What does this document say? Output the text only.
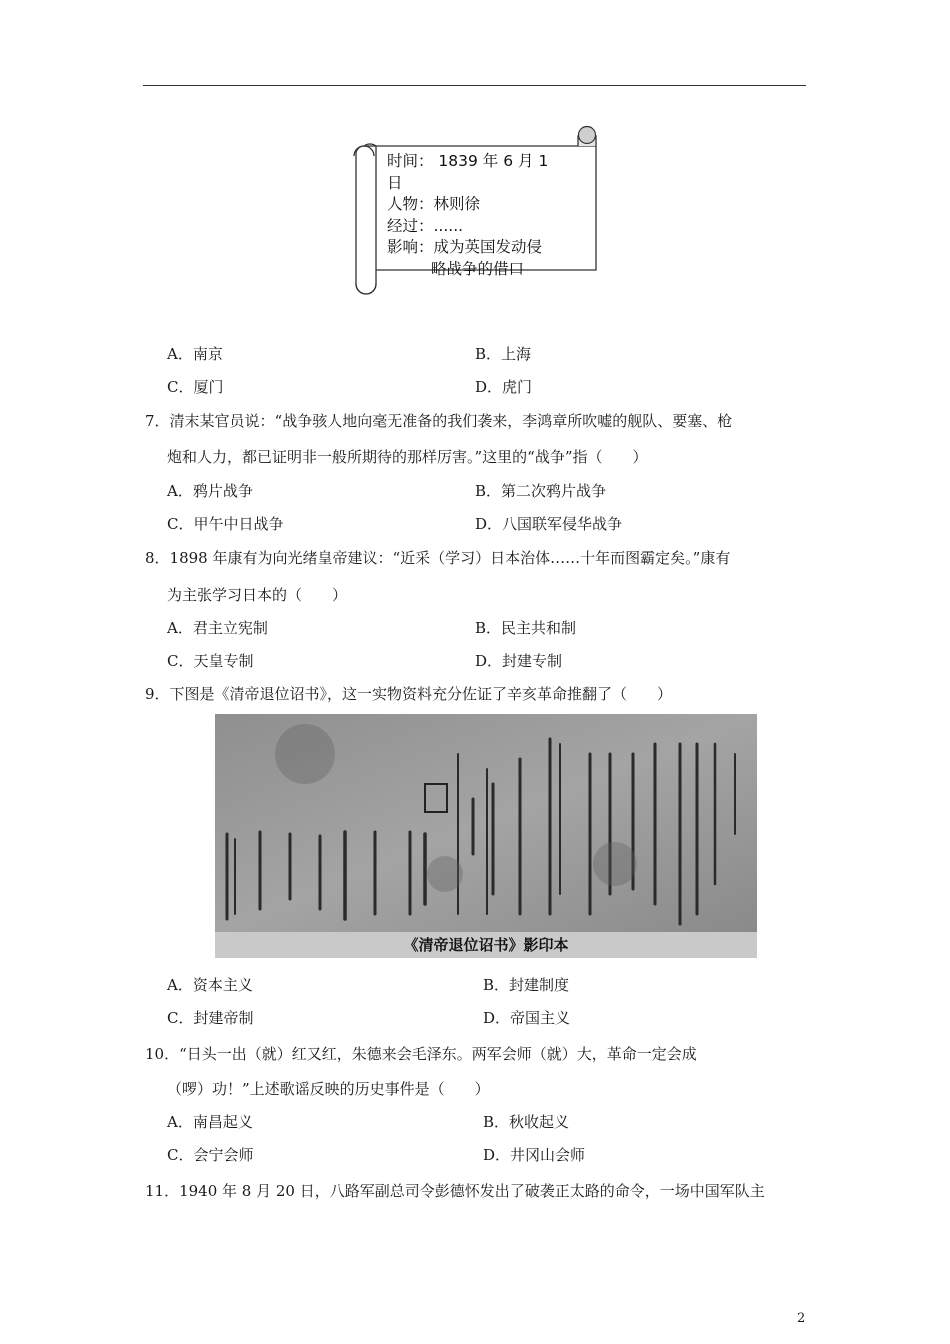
时间： 1839 年 6 月 1
日
人物：林则徐
经过：......
影响：成为英国发动侵
略战争的借口
A．南京	B．上海
C．厦门	D．虎门
7．清末某官员说：“战争骇人地向毫无准备的我们袭来，李鸿章所吹嘘的舰队、要塞、枪
炮和人力，都已证明非一般所期待的那样厉害。”这里的“战争”指（　　）
A．鸦片战争	B．第二次鸦片战争
C．甲午中日战争	D．八国联军侵华战争
8．1898 年康有为向光绪皇帝建议：“近采（学习）日本治体……十年而图霸定矣。”康有
为主张学习日本的（　　）
A．君主立宪制	B．民主共和制
C．天皇专制	D．封建专制
9．下图是《清帝退位诏书》，这一实物资料充分佐证了辛亥革命推翻了（　　）
《清帝退位诏书》影印本
A．资本主义	B．封建制度
C．封建帝制	D．帝国主义
10．“日头一出（就）红又红，朱德来会毛泽东。两军会师（就）大，革命一定会成
（啰）功！”上述歌谣反映的历史事件是（　　）
A．南昌起义	B．秋收起义
C．会宁会师	D．井冈山会师
11．1940 年 8 月 20 日，八路军副总司令彭德怀发出了破袭正太路的命令，一场中国军队主
2
